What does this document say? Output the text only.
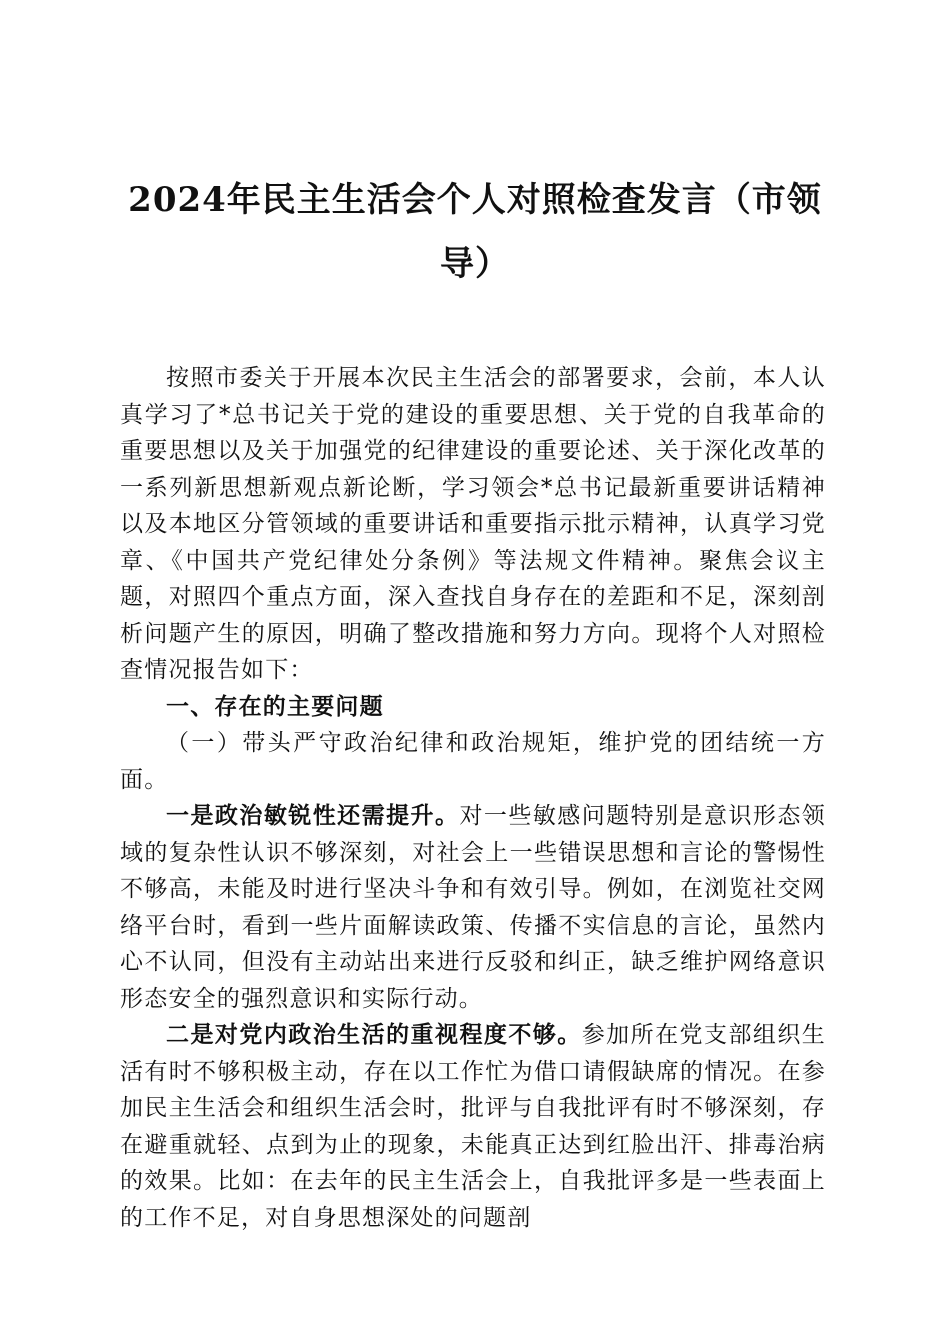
2024年民主生活会个人对照检查发言（市领导）

按照市委关于开展本次民主生活会的部署要求，会前，本人认真学习了*总书记关于党的建设的重要思想、关于党的自我革命的重要思想以及关于加强党的纪律建设的重要论述、关于深化改革的一系列新思想新观点新论断，学习领会*总书记最新重要讲话精神以及本地区分管领域的重要讲话和重要指示批示精神，认真学习党章、《中国共产党纪律处分条例》等法规文件精神。聚焦会议主题，对照四个重点方面，深入查找自身存在的差距和不足，深刻剖析问题产生的原因，明确了整改措施和努力方向。现将个人对照检查情况报告如下：

一、存在的主要问题

（一）带头严守政治纪律和政治规矩，维护党的团结统一方面。

一是政治敏锐性还需提升。对一些敏感问题特别是意识形态领域的复杂性认识不够深刻，对社会上一些错误思想和言论的警惕性不够高，未能及时进行坚决斗争和有效引导。例如，在浏览社交网络平台时，看到一些片面解读政策、传播不实信息的言论，虽然内心不认同，但没有主动站出来进行反驳和纠正，缺乏维护网络意识形态安全的强烈意识和实际行动。

二是对党内政治生活的重视程度不够。参加所在党支部组织生活有时不够积极主动，存在以工作忙为借口请假缺席的情况。在参加民主生活会和组织生活会时，批评与自我批评有时不够深刻，存在避重就轻、点到为止的现象，未能真正达到红脸出汗、排毒治病的效果。比如：在去年的民主生活会上，自我批评多是一些表面上的工作不足，对自身思想深处的问题剖
